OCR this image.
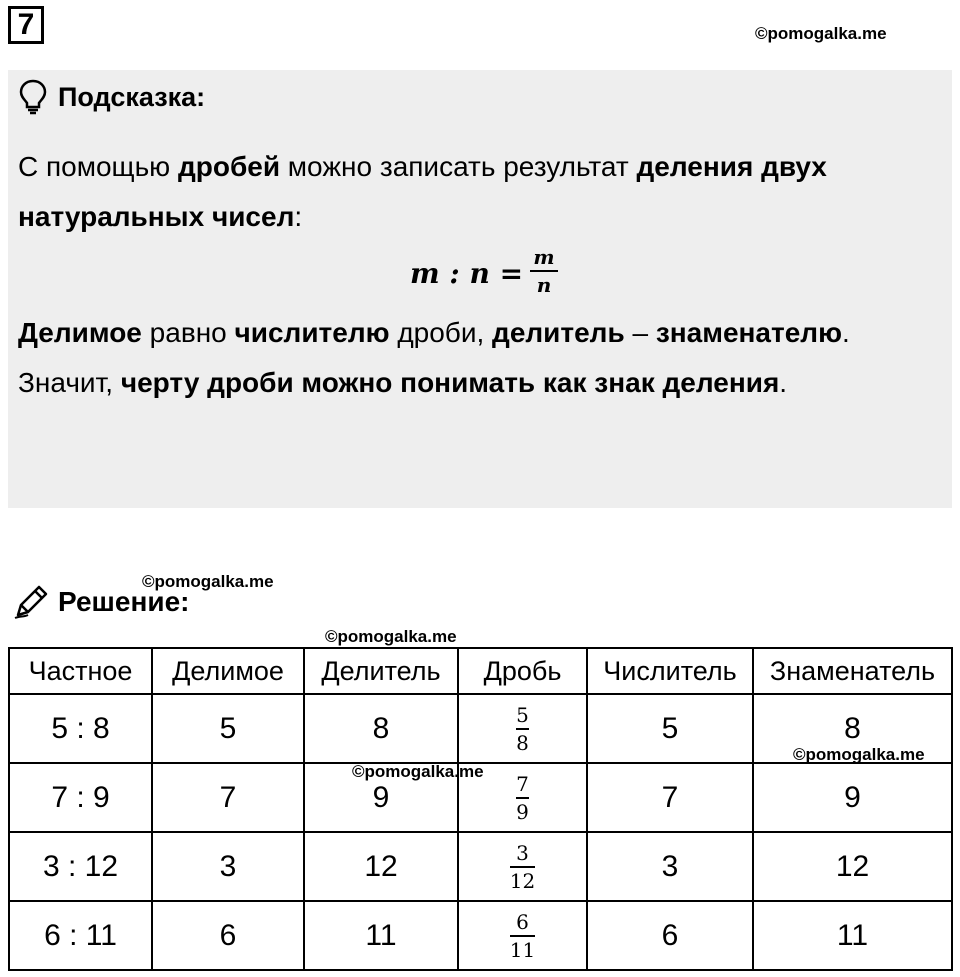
7	©pomogalka.me
Подсказка:
С помощью дробей можно записать результат деления двух натуральных чисел:
m : n = m
n
Делимое равно числителю дроби, делитель – знаменателю. Значит, черту дроби можно понимать как знак деления.
©pomogalka.me
Решение:
©pomogalka.me
Частное	Делимое	Делитель	Дробь	Числитель	Знаменатель
5 : 8	5	8	$\frac{5}{8}$	5	8
7 : 9	7	9	$\frac{7}{9}$	7	9
3 : 12	3	12	$\frac{3}{12}$	3	12
6 : 11	6	11	$\frac{6}{11}$	6	11
©pomogalka.me
©pomogalka.me
